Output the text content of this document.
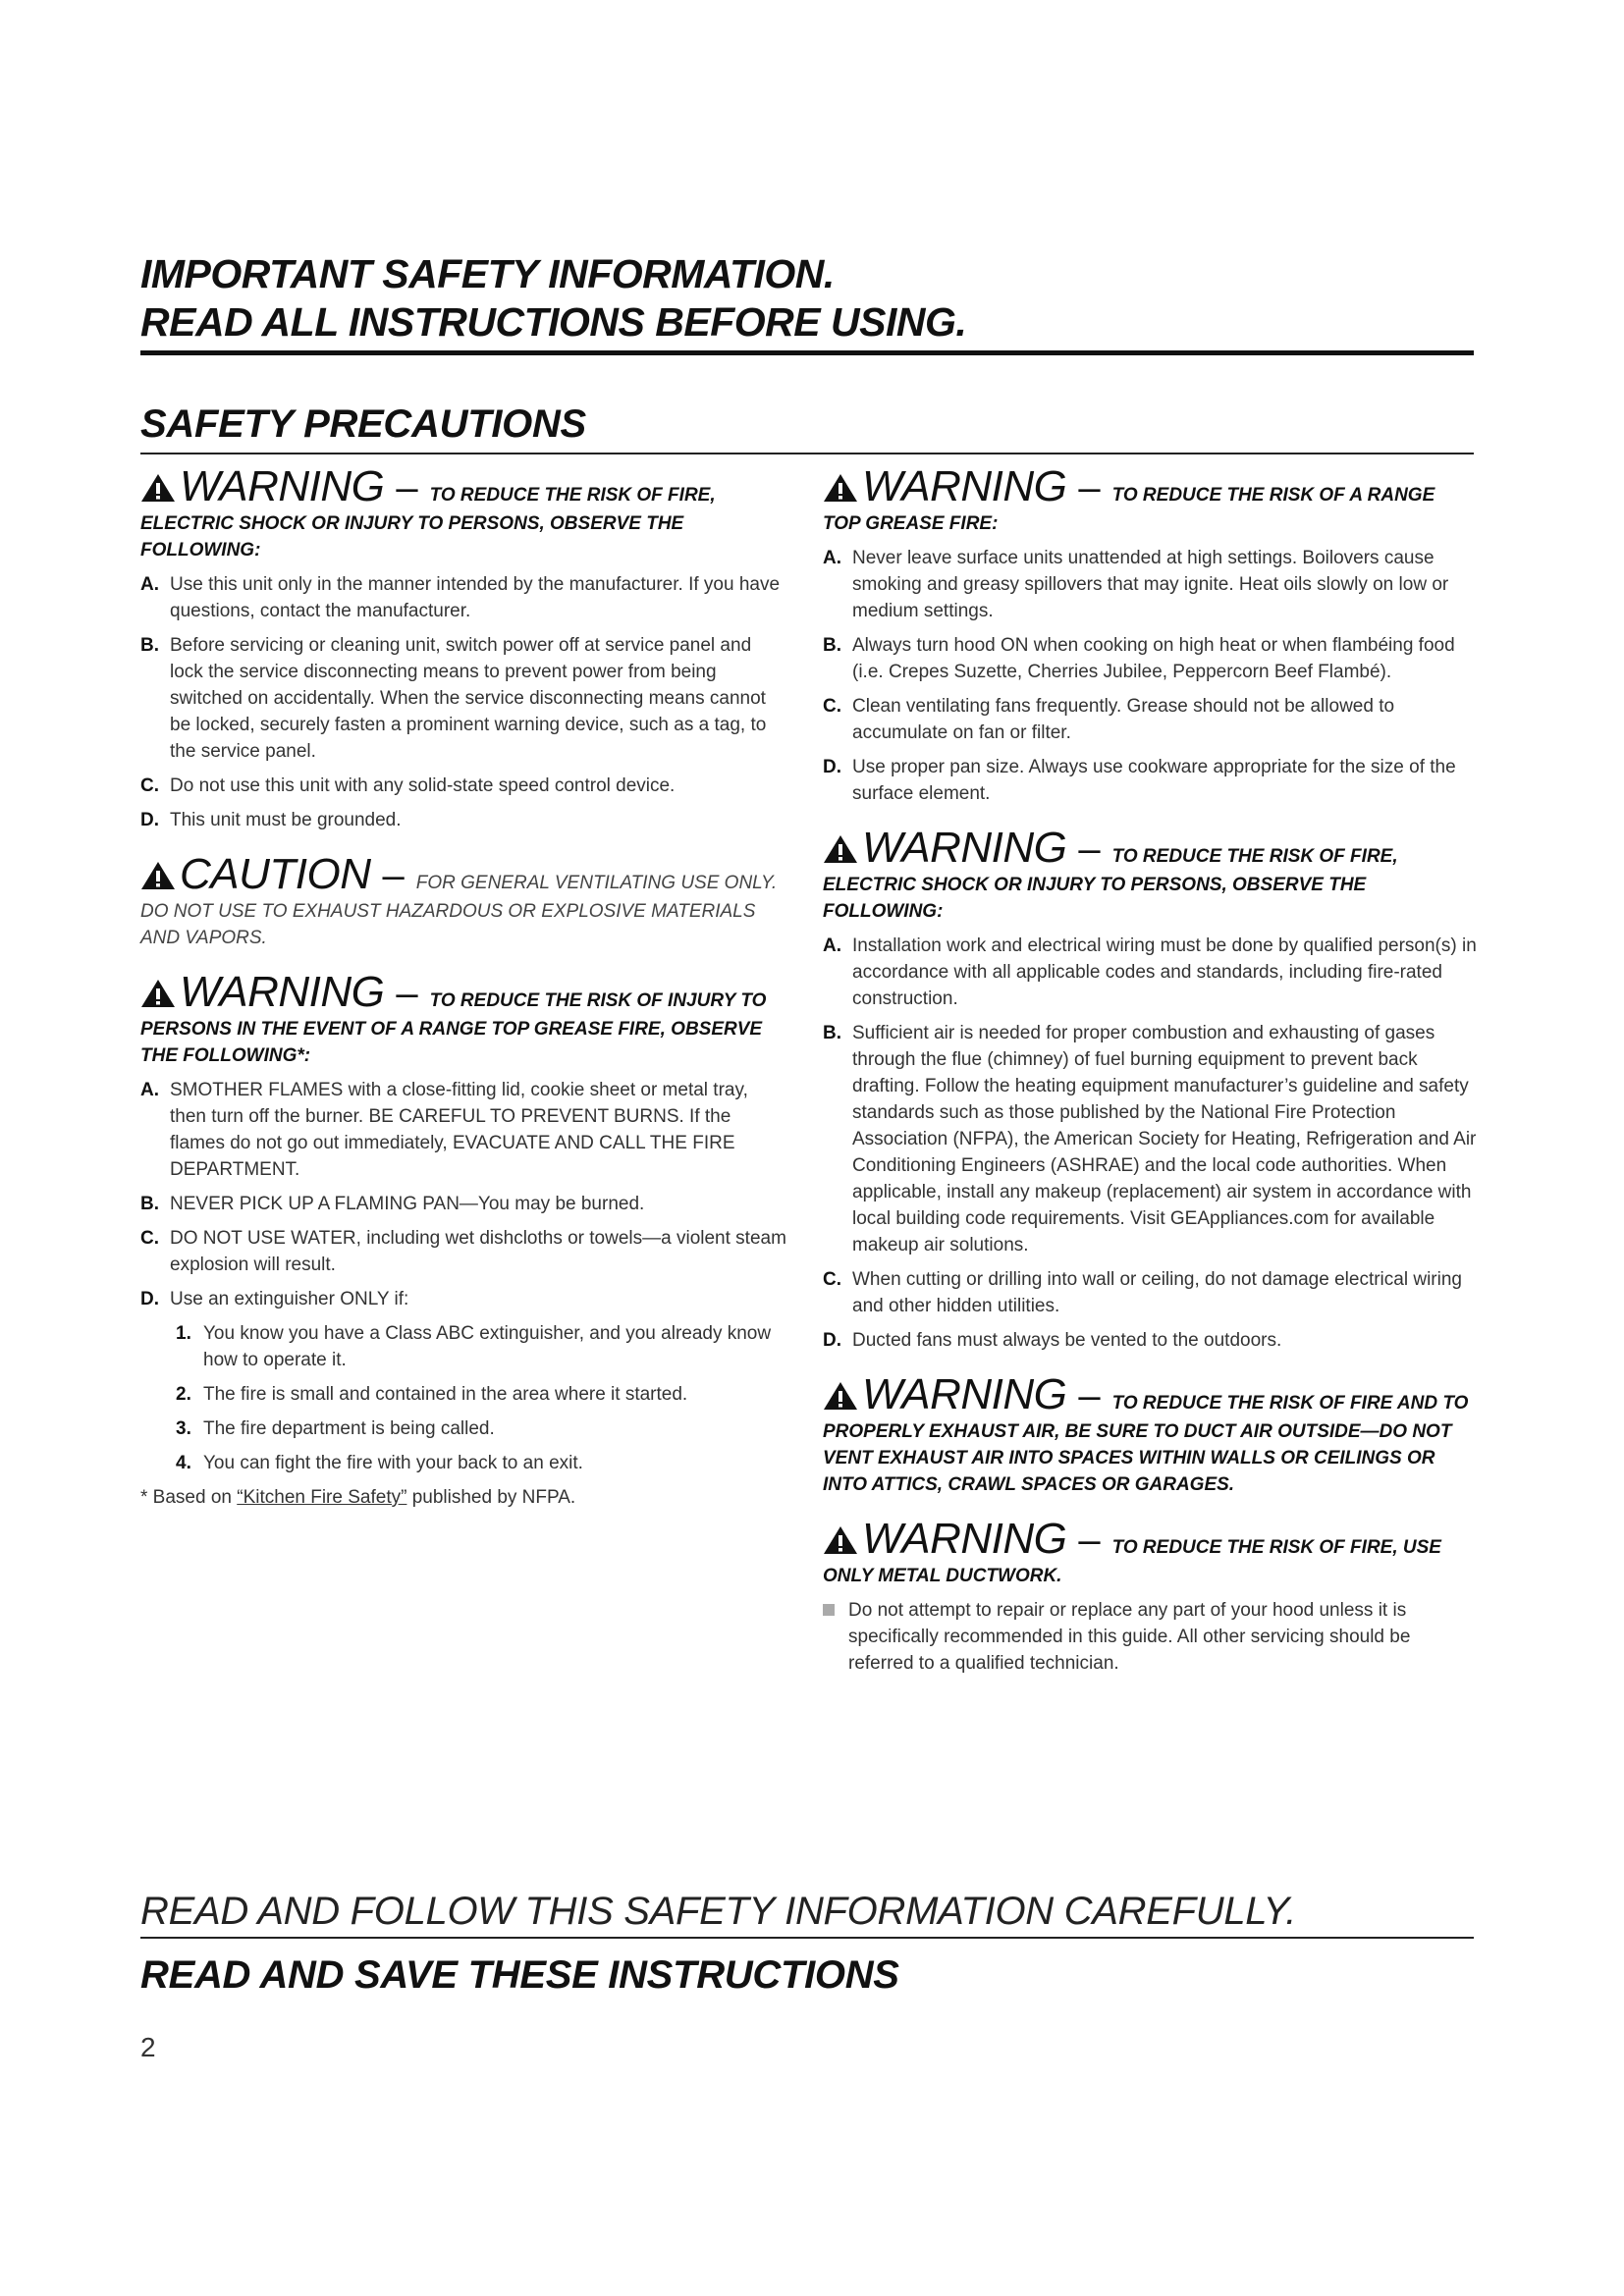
IMPORTANT SAFETY INFORMATION.
READ ALL INSTRUCTIONS BEFORE USING.
SAFETY PRECAUTIONS
WARNING – TO REDUCE THE RISK OF FIRE,
ELECTRIC SHOCK OR INJURY TO PERSONS, OBSERVE THE FOLLOWING:
A. Use this unit only in the manner intended by the manufacturer. If you have questions, contact the manufacturer.
B. Before servicing or cleaning unit, switch power off at service panel and lock the service disconnecting means to prevent power from being switched on accidentally. When the service disconnecting means cannot be locked, securely fasten a prominent warning device, such as a tag, to the service panel.
C. Do not use this unit with any solid-state speed control device.
D. This unit must be grounded.
CAUTION – FOR GENERAL VENTILATING USE ONLY.
DO NOT USE TO EXHAUST HAZARDOUS OR EXPLOSIVE MATERIALS AND VAPORS.
WARNING – TO REDUCE THE RISK OF INJURY TO
PERSONS IN THE EVENT OF A RANGE TOP GREASE FIRE, OBSERVE THE FOLLOWING*:
A. SMOTHER FLAMES with a close-fitting lid, cookie sheet or metal tray, then turn off the burner. BE CAREFUL TO PREVENT BURNS. If the flames do not go out immediately, EVACUATE AND CALL THE FIRE DEPARTMENT.
B. NEVER PICK UP A FLAMING PAN—You may be burned.
C. DO NOT USE WATER, including wet dishcloths or towels—a violent steam explosion will result.
D. Use an extinguisher ONLY if:
1. You know you have a Class ABC extinguisher, and you already know how to operate it.
2. The fire is small and contained in the area where it started.
3. The fire department is being called.
4. You can fight the fire with your back to an exit.
* Based on “Kitchen Fire Safety” published by NFPA.
WARNING – TO REDUCE THE RISK OF A RANGE
TOP GREASE FIRE:
A. Never leave surface units unattended at high settings. Boilovers cause smoking and greasy spillovers that may ignite. Heat oils slowly on low or medium settings.
B. Always turn hood ON when cooking on high heat or when flambéing food (i.e. Crepes Suzette, Cherries Jubilee, Peppercorn Beef Flambé).
C. Clean ventilating fans frequently. Grease should not be allowed to accumulate on fan or filter.
D. Use proper pan size. Always use cookware appropriate for the size of the surface element.
WARNING – TO REDUCE THE RISK OF FIRE,
ELECTRIC SHOCK OR INJURY TO PERSONS, OBSERVE THE FOLLOWING:
A. Installation work and electrical wiring must be done by qualified person(s) in accordance with all applicable codes and standards, including fire-rated construction.
B. Sufficient air is needed for proper combustion and exhausting of gases through the flue (chimney) of fuel burning equipment to prevent back drafting. Follow the heating equipment manufacturer’s guideline and safety standards such as those published by the National Fire Protection Association (NFPA), the American Society for Heating, Refrigeration and Air Conditioning Engineers (ASHRAE) and the local code authorities. When applicable, install any makeup (replacement) air system in accordance with local building code requirements. Visit GEAppliances.com for available makeup air solutions.
C. When cutting or drilling into wall or ceiling, do not damage electrical wiring and other hidden utilities.
D. Ducted fans must always be vented to the outdoors.
WARNING – TO REDUCE THE RISK OF FIRE AND TO
PROPERLY EXHAUST AIR, BE SURE TO DUCT AIR OUTSIDE—DO NOT VENT EXHAUST AIR INTO SPACES WITHIN WALLS OR CEILINGS OR INTO ATTICS, CRAWL SPACES OR GARAGES.
WARNING – TO REDUCE THE RISK OF FIRE, USE
ONLY METAL DUCTWORK.
Do not attempt to repair or replace any part of your hood unless it is specifically recommended in this guide. All other servicing should be referred to a qualified technician.
READ AND FOLLOW THIS SAFETY INFORMATION CAREFULLY.
READ AND SAVE THESE INSTRUCTIONS
2
